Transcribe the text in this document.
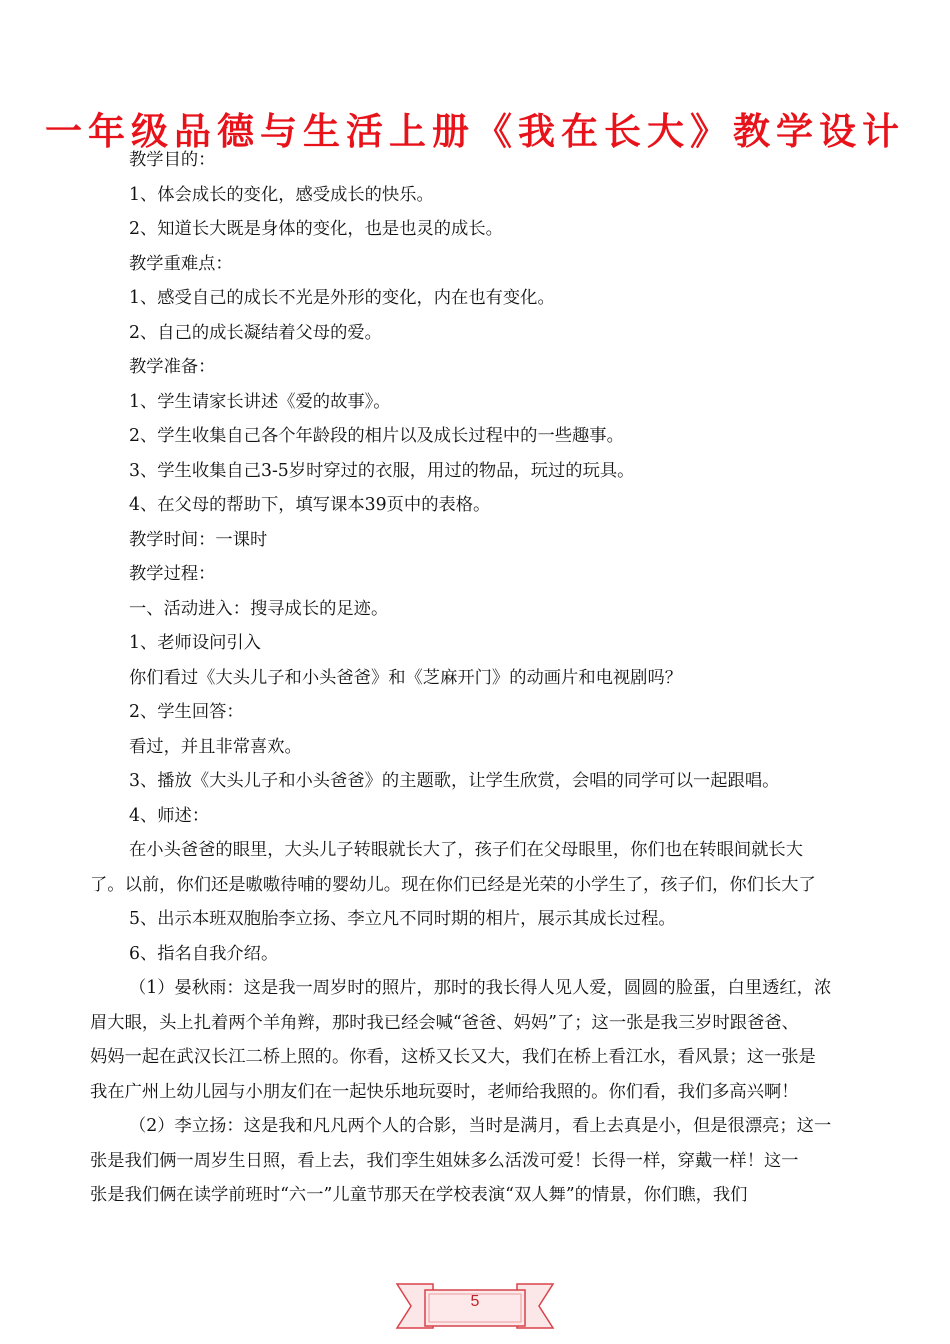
一年级品德与生活上册《我在长大》教学设计
教学目的：
1、体会成长的变化，感受成长的快乐。
2、知道长大既是身体的变化，也是也灵的成长。
教学重难点：
1、感受自己的成长不光是外形的变化，内在也有变化。
2、自己的成长凝结着父母的爱。
教学准备：
1、学生请家长讲述《爱的故事》。
2、学生收集自己各个年龄段的相片以及成长过程中的一些趣事。
3、学生收集自己3-5岁时穿过的衣服，用过的物品，玩过的玩具。
4、在父母的帮助下，填写课本39页中的表格。
教学时间：一课时
教学过程：
一、活动进入：搜寻成长的足迹。
1、老师设问引入
你们看过《大头儿子和小头爸爸》和《芝麻开门》的动画片和电视剧吗？
2、学生回答：
看过，并且非常喜欢。
3、播放《大头儿子和小头爸爸》的主题歌，让学生欣赏，会唱的同学可以一起跟唱。
4、师述：
在小头爸爸的眼里，大头儿子转眼就长大了，孩子们在父母眼里，你们也在转眼间就长大
了。以前，你们还是嗷嗷待哺的婴幼儿。现在你们已经是光荣的小学生了，孩子们，你们长大了
5、出示本班双胞胎李立扬、李立凡不同时期的相片，展示其成长过程。
6、指名自我介绍。
（1）晏秋雨：这是我一周岁时的照片，那时的我长得人见人爱，圆圆的脸蛋，白里透红，浓
眉大眼，头上扎着两个羊角辫，那时我已经会喊“爸爸、妈妈”了；这一张是我三岁时跟爸爸、
妈妈一起在武汉长江二桥上照的。你看，这桥又长又大，我们在桥上看江水，看风景；这一张是
我在广州上幼儿园与小朋友们在一起快乐地玩耍时，老师给我照的。你们看，我们多高兴啊！
（2）李立扬：这是我和凡凡两个人的合影，当时是满月，看上去真是小，但是很漂亮；这一
张是我们俩一周岁生日照，看上去，我们孪生姐妹多么活泼可爱！长得一样，穿戴一样！这一
张是我们俩在读学前班时“六一”儿童节那天在学校表演“双人舞”的情景，你们瞧，我们
5
